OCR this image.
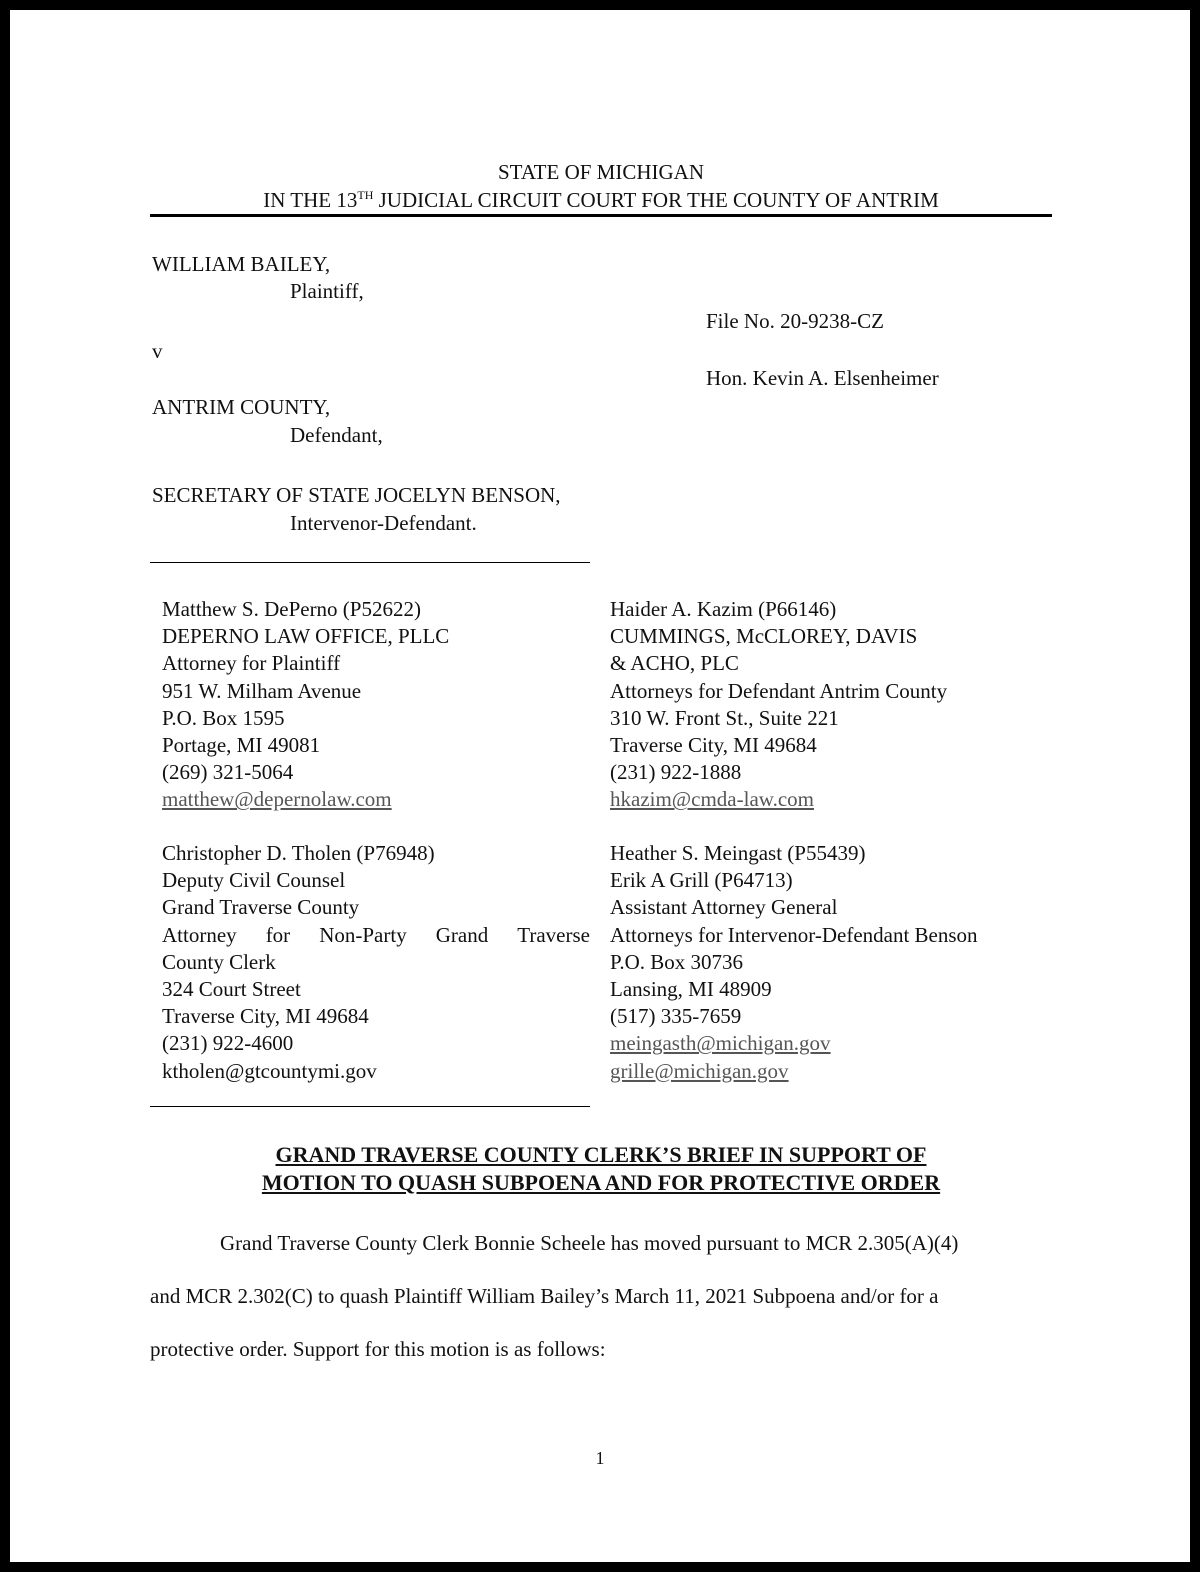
STATE OF MICHIGAN
IN THE 13TH JUDICIAL CIRCUIT COURT FOR THE COUNTY OF ANTRIM
WILLIAM BAILEY,
Plaintiff,
v
ANTRIM COUNTY,
Defendant,
SECRETARY OF STATE JOCELYN BENSON,
Intervenor-Defendant.
File No. 20-9238-CZ
Hon. Kevin A. Elsenheimer
Matthew S. DePerno (P52622)
DEPERNO LAW OFFICE, PLLC
Attorney for Plaintiff
951 W. Milham Avenue
P.O. Box 1595
Portage, MI 49081
(269) 321-5064
matthew@depernolaw.com
Haider A. Kazim (P66146)
CUMMINGS, McCLOREY, DAVIS
& ACHO, PLC
Attorneys for Defendant Antrim County
310 W. Front St., Suite 221
Traverse City, MI 49684
(231) 922-1888
hkazim@cmda-law.com
Christopher D. Tholen (P76948)
Deputy Civil Counsel
Grand Traverse County
Attorney for Non-Party Grand Traverse
County Clerk
324 Court Street
Traverse City, MI 49684
(231) 922-4600
ktholen@gtcountymi.gov
Heather S. Meingast (P55439)
Erik A Grill (P64713)
Assistant Attorney General
Attorneys for Intervenor-Defendant Benson
P.O. Box 30736
Lansing, MI 48909
(517) 335-7659
meingasth@michigan.gov
grille@michigan.gov
GRAND TRAVERSE COUNTY CLERK’S BRIEF IN SUPPORT OF
MOTION TO QUASH SUBPOENA AND FOR PROTECTIVE ORDER
Grand Traverse County Clerk Bonnie Scheele has moved pursuant to MCR 2.305(A)(4)
and MCR 2.302(C) to quash Plaintiff William Bailey’s March 11, 2021 Subpoena and/or for a
protective order. Support for this motion is as follows:
1
